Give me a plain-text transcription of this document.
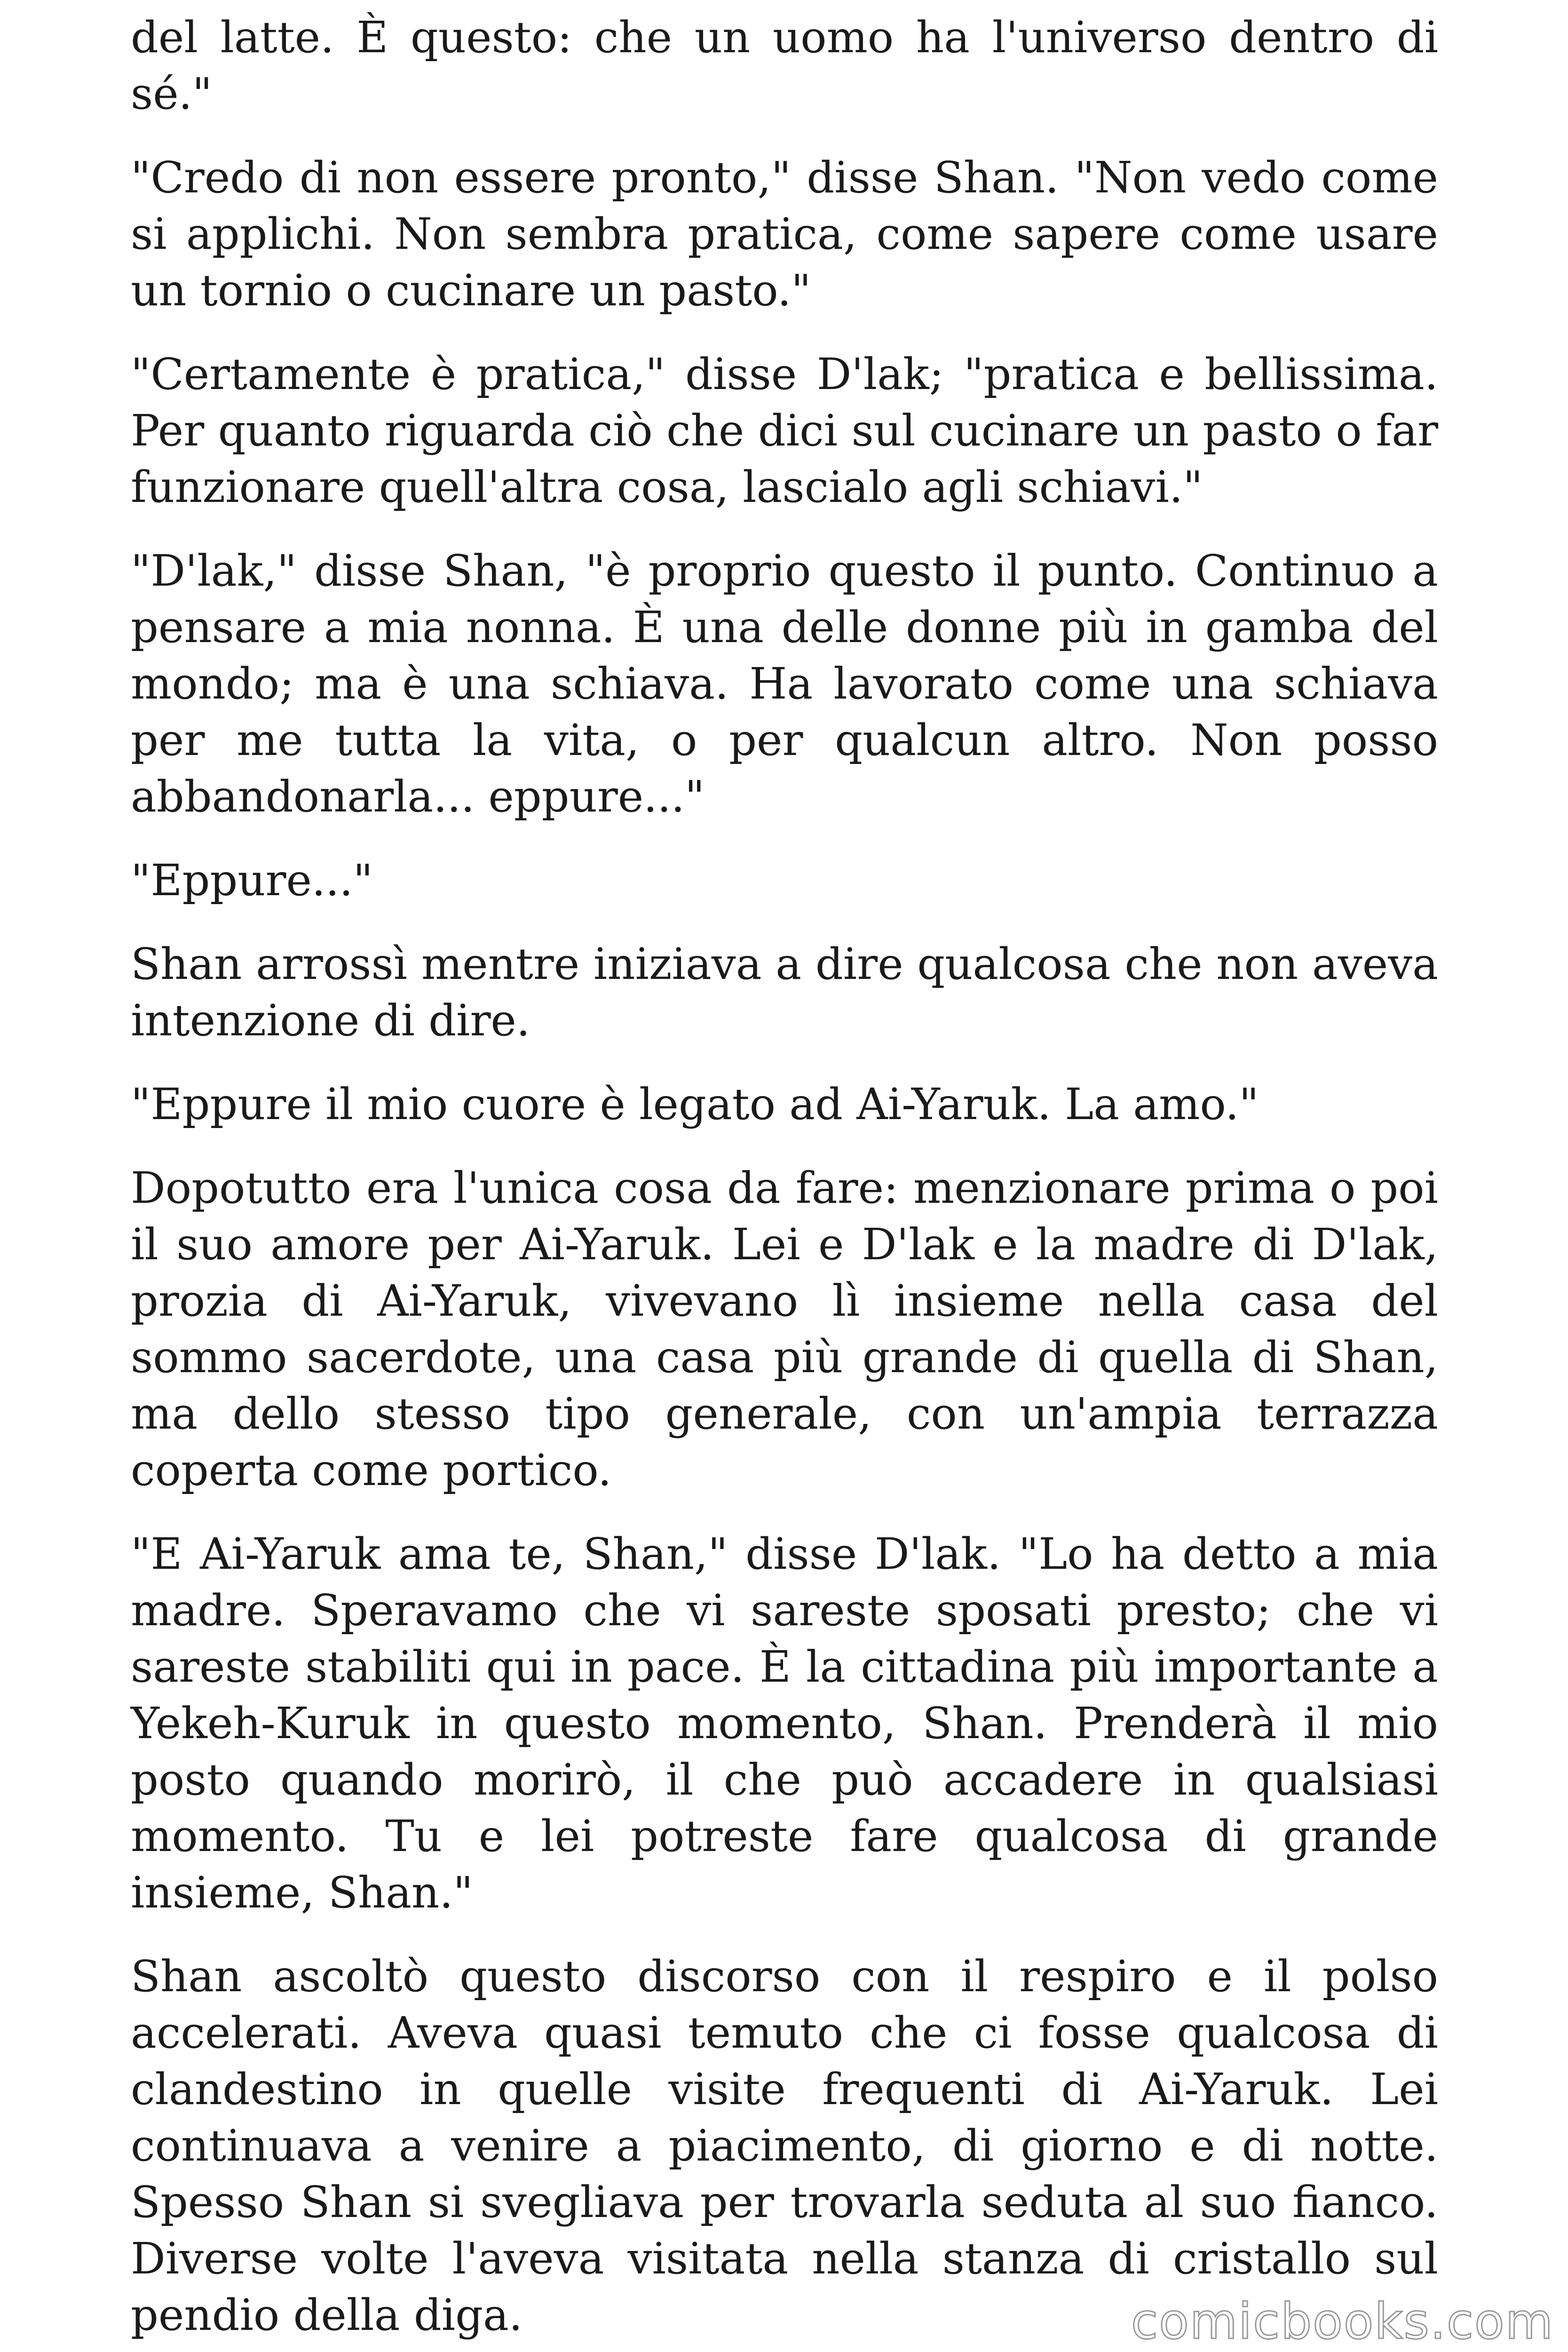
del latte. È questo: che un uomo ha l'universo dentro di sé."

"Credo di non essere pronto," disse Shan. "Non vedo come si applichi. Non sembra pratica, come sapere come usare un tornio o cucinare un pasto."

"Certamente è pratica," disse D'lak; "pratica e bellissima. Per quanto riguarda ciò che dici sul cucinare un pasto o far funzionare quell'altra cosa, lascialo agli schiavi."

"D'lak," disse Shan, "è proprio questo il punto. Continuo a pensare a mia nonna. È una delle donne più in gamba del mondo; ma è una schiava. Ha lavorato come una schiava per me tutta la vita, o per qualcun altro. Non posso abbandonarla... eppure..."

"Eppure..."

Shan arrossì mentre iniziava a dire qualcosa che non aveva intenzione di dire.

"Eppure il mio cuore è legato ad Ai-Yaruk. La amo."

Dopotutto era l'unica cosa da fare: menzionare prima o poi il suo amore per Ai-Yaruk. Lei e D'lak e la madre di D'lak, prozia di Ai-Yaruk, vivevano lì insieme nella casa del sommo sacerdote, una casa più grande di quella di Shan, ma dello stesso tipo generale, con un'ampia terrazza coperta come portico.

"E Ai-Yaruk ama te, Shan," disse D'lak. "Lo ha detto a mia madre. Speravamo che vi sareste sposati presto; che vi sareste stabiliti qui in pace. È la cittadina più importante a Yekeh-Kuruk in questo momento, Shan. Prenderà il mio posto quando morirò, il che può accadere in qualsiasi momento. Tu e lei potreste fare qualcosa di grande insieme, Shan."

Shan ascoltò questo discorso con il respiro e il polso accelerati. Aveva quasi temuto che ci fosse qualcosa di clandestino in quelle visite frequenti di Ai-Yaruk. Lei continuava a venire a piacimento, di giorno e di notte. Spesso Shan si svegliava per trovarla seduta al suo fianco. Diverse volte l'aveva visitata nella stanza di cristallo sul pendio della diga.	comicbooks.com
